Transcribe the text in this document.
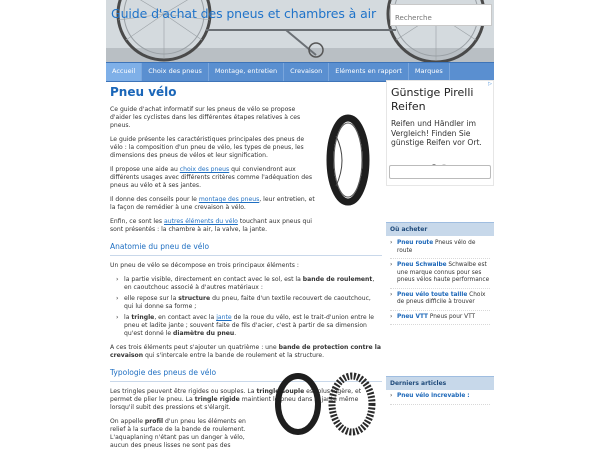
Guide d'achat des pneus et chambres à air
Recherche
Accueil	Choix des pneus	Montage, entretien	Crevaison	Eléments en rapport	Marques
Pneu vélo

Ce guide d'achat informatif sur les pneus de vélo se propose d'aider les cyclistes dans les différentes étapes relatives à ces pneus.

Le guide présente les caractéristiques principales des pneus de vélo : la composition d'un pneu de vélo, les types de pneus, les dimensions des pneus de vélos et leur signification.

Il propose une aide au choix des pneus qui conviendront aux différents usages avec différents critères comme l'adéquation des pneus au vélo et à ses jantes.

Il donne des conseils pour le montage des pneus, leur entretien, et la façon de remédier à une crevaison à vélo.

Enfin, ce sont les autres éléments du vélo touchant aux pneus qui sont présentés : la chambre à air, la valve, la jante.

Anatomie du pneu de vélo

Un pneu de vélo se décompose en trois principaux éléments :

› la partie visible, directement en contact avec le sol, est la bande de roulement, en caoutchouc associé à d'autres matériaux :
› elle repose sur la structure du pneu, faite d'un textile recouvert de caoutchouc, qui lui donne sa forme ;
› la tringle, en contact avec la jante de la roue du vélo, est le trait-d'union entre le pneu et ladite jante ; souvent faite de fils d'acier, c'est à partir de sa dimension qu'est donné le diamètre du pneu.

A ces trois éléments peut s'ajouter un quatrième : une bande de protection contre la crevaison qui s'intercale entre la bande de roulement et la structure.

Typologie des pneus de vélo

Les tringles peuvent être rigides ou souples. La tringle souple est plus légère, et permet de plier le pneu. La tringle rigide maintient le pneu dans la jante même lorsqu'il subit des pressions et s'élargit.

On appelle profil d'un pneu les éléments en relief à la surface de la bande de roulement. L'aquaplaning n'étant pas un danger à vélo, aucun des pneus lisses ne sont pas des

▷
Günstige Pirelli Reifen
Reifen und Händler im Vergleich! Finden Sie günstige Reifen vor Ort.
Où acheter
› Pneu route Pneus vélo de route
› Pneu Schwalbe Schwalbe est une marque connus pour ses pneus vélos haute performance
› Pneu vélo toute taille Choix de pneus difficile à trouver
› Pneu VTT Pneus pour VTT
Derniers articles
› Pneu vélo increvable :
